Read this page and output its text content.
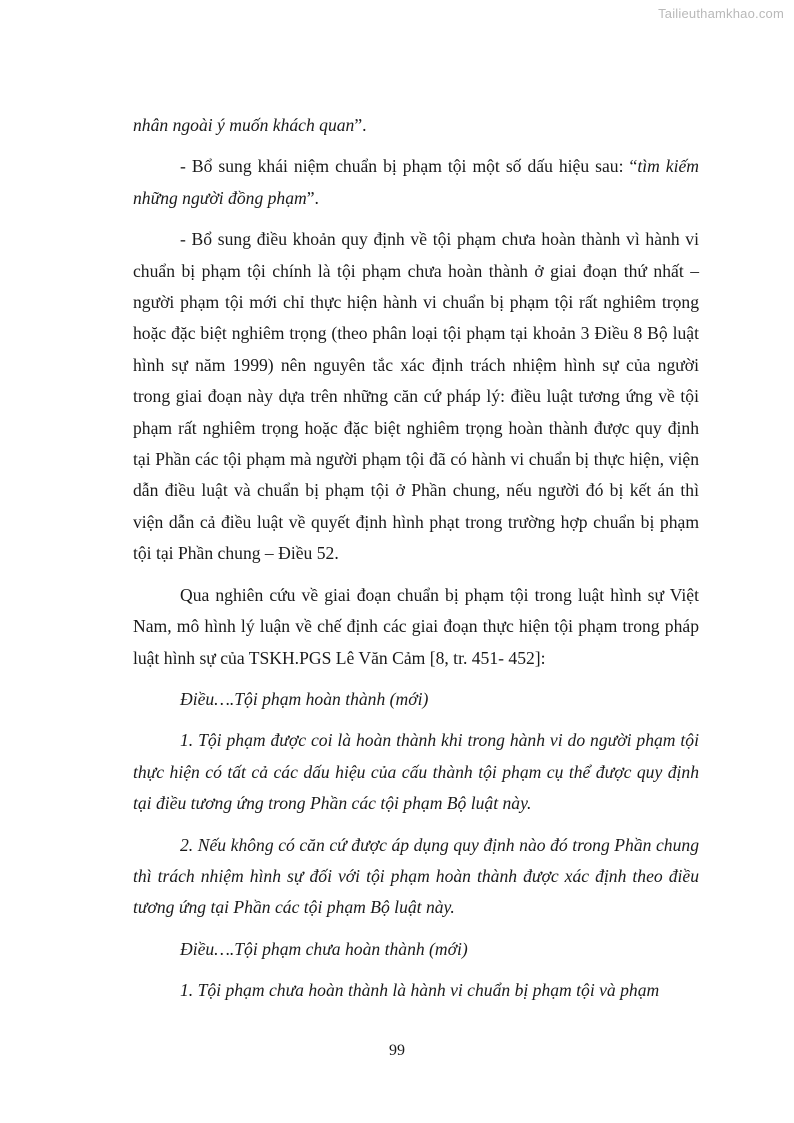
Tailieuthamkhao.com

nhân ngoài ý muốn khách quan”.

- Bổ sung khái niệm chuẩn bị phạm tội một số dấu hiệu sau: “tìm kiếm những người đồng phạm”.

- Bổ sung điều khoản quy định về tội phạm chưa hoàn thành vì hành vi chuẩn bị phạm tội chính là tội phạm chưa hoàn thành ở giai đoạn thứ nhất – người phạm tội mới chỉ thực hiện hành vi chuẩn bị phạm tội rất nghiêm trọng hoặc đặc biệt nghiêm trọng (theo phân loại tội phạm tại khoản 3 Điều 8 Bộ luật hình sự năm 1999) nên nguyên tắc xác định trách nhiệm hình sự của người trong giai đoạn này dựa trên những căn cứ pháp lý: điều luật tương ứng về tội phạm rất nghiêm trọng hoặc đặc biệt nghiêm trọng hoàn thành được quy định tại Phần các tội phạm mà người phạm tội đã có hành vi chuẩn bị thực hiện, viện dẫn điều luật và chuẩn bị phạm tội ở Phần chung, nếu người đó bị kết án thì viện dẫn cả điều luật về quyết định hình phạt trong trường hợp chuẩn bị phạm tội tại Phần chung – Điều 52.

Qua nghiên cứu về giai đoạn chuẩn bị phạm tội trong luật hình sự Việt Nam, mô hình lý luận về chế định các giai đoạn thực hiện tội phạm trong pháp luật hình sự của TSKH.PGS Lê Văn Cảm [8, tr. 451- 452]:

Điều….Tội phạm hoàn thành (mới)

1. Tội phạm được coi là hoàn thành khi trong hành vi do người phạm tội thực hiện có tất cả các dấu hiệu của cấu thành tội phạm cụ thể được quy định tại điều tương ứng trong Phần các tội phạm Bộ luật này.

2. Nếu không có căn cứ được áp dụng quy định nào đó trong Phần chung thì trách nhiệm hình sự đối với tội phạm hoàn thành được xác định theo điều tương ứng tại Phần các tội phạm Bộ luật này.

Điều….Tội phạm chưa hoàn thành (mới)

1. Tội phạm chưa hoàn thành là hành vi chuẩn bị phạm tội và phạm

99
